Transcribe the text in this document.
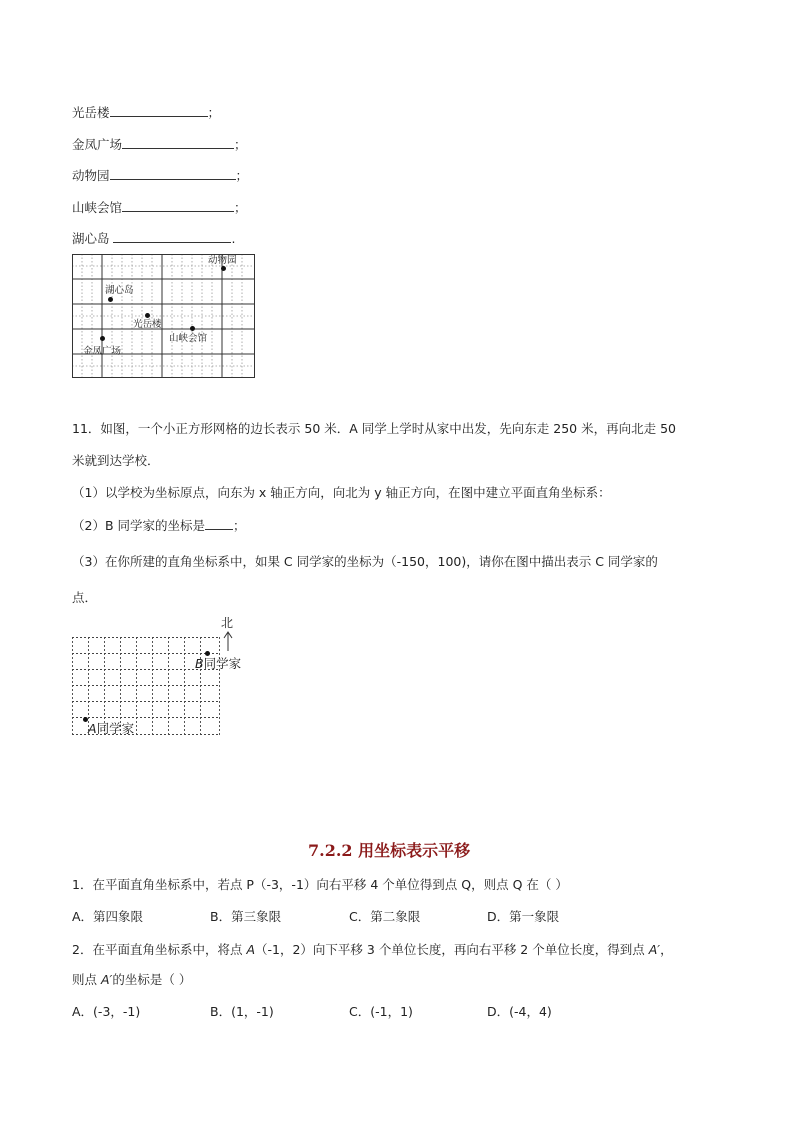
光岳楼	；
金凤广场	；
动物园	；
山峡会馆	；
湖心岛	.
动物园
湖心岛
光岳楼
山峡会馆
金凤广场
11．如图，一个小正方形网格的边长表示 50 米．A 同学上学时从家中出发，先向东走 250 米，再向北走 50
米就到达学校．
（1）以学校为坐标原点，向东为 x 轴正方向，向北为 y 轴正方向，在图中建立平面直角坐标系：
（2）B 同学家的坐标是 ；
（3）在你所建的直角坐标系中，如果 C 同学家的坐标为（-150，100)，请你在图中描出表示 C 同学家的
点．
北
B同学家
A同学家
7.2.2 用坐标表示平移
1．在平面直角坐标系中，若点 P（-3，-1）向右平移 4 个单位得到点 Q，则点 Q 在（ ）
A．第四象限	B．第三象限	C．第二象限	D．第一象限
2．在平面直角坐标系中，将点 A（-1，2）向下平移 3 个单位长度，再向右平移 2 个单位长度，得到点 A′，
则点 A′的坐标是（ ）
A．(-3，-1)	B．(1，-1)	C．(-1，1)	D．(-4，4)
